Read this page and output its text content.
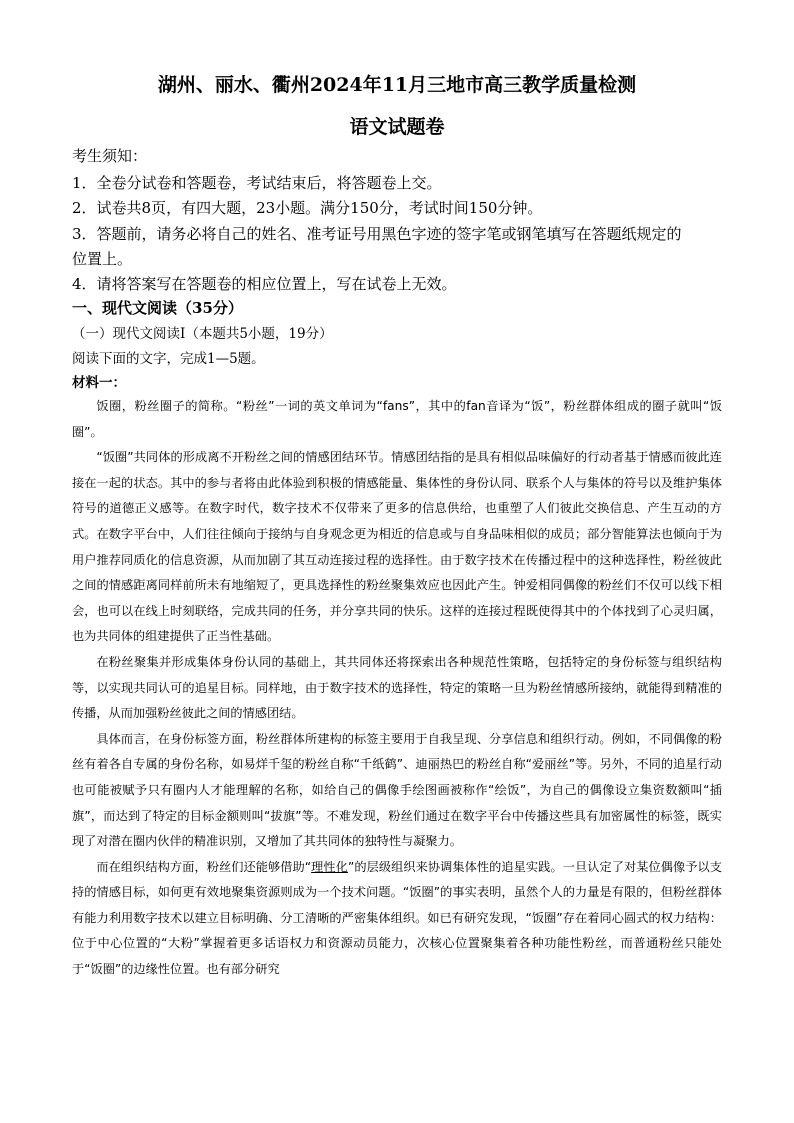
湖州、丽水、衢州2024年11月三地市高三教学质量检测
语文试题卷
考生须知：
1．全卷分试卷和答题卷，考试结束后，将答题卷上交。
2．试卷共8页，有四大题，23小题。满分150分，考试时间150分钟。
3．答题前，请务必将自己的姓名、准考证号用黑色字迹的签字笔或钢笔填写在答题纸规定的
位置上。
4．请将答案写在答题卷的相应位置上，写在试卷上无效。
一、现代文阅读（35分）
（一）现代文阅读Ⅰ（本题共5小题，19分）
阅读下面的文字，完成1—5题。
材料一：

饭圈，粉丝圈子的简称。“粉丝”一词的英文单词为“fans”，其中的fan音译为“饭”，粉丝群体组成的圈子就叫“饭圈”。

“饭圈”共同体的形成离不开粉丝之间的情感团结环节。情感团结指的是具有相似品味偏好的行动者基于情感而彼此连接在一起的状态。其中的参与者将由此体验到积极的情感能量、集体性的身份认同、联系个人与集体的符号以及维护集体符号的道德正义感等。在数字时代，数字技术不仅带来了更多的信息供给，也重塑了人们彼此交换信息、产生互动的方式。在数字平台中，人们往往倾向于接纳与自身观念更为相近的信息或与自身品味相似的成员；部分智能算法也倾向于为用户推荐同质化的信息资源，从而加剧了其互动连接过程的选择性。由于数字技术在传播过程中的这种选择性，粉丝彼此之间的情感距离同样前所未有地缩短了，更具选择性的粉丝聚集效应也因此产生。钟爱相同偶像的粉丝们不仅可以线下相会，也可以在线上时刻联络，完成共同的任务，并分享共同的快乐。这样的连接过程既使得其中的个体找到了心灵归属，也为共同体的组建提供了正当性基础。

在粉丝聚集并形成集体身份认同的基础上，其共同体还将探索出各种规范性策略，包括特定的身份标签与组织结构等，以实现共同认可的追星目标。同样地，由于数字技术的选择性，特定的策略一旦为粉丝情感所接纳，就能得到精准的传播，从而加强粉丝彼此之间的情感团结。

具体而言，在身份标签方面，粉丝群体所建构的标签主要用于自我呈现、分享信息和组织行动。例如，不同偶像的粉丝有着各自专属的身份名称，如易烊千玺的粉丝自称“千纸鹤”、迪丽热巴的粉丝自称“爱丽丝”等。另外，不同的追星行动也可能被赋予只有圈内人才能理解的名称，如给自己的偶像手绘图画被称作“绘饭”，为自己的偶像设立集资数额叫“插旗”，而达到了特定的目标金额则叫“拔旗”等。不难发现，粉丝们通过在数字平台中传播这些具有加密属性的标签，既实现了对潜在圈内伙伴的精准识别，又增加了其共同体的独特性与凝聚力。

而在组织结构方面，粉丝们还能够借助“理性化”的层级组织来协调集体性的追星实践。一旦认定了对某位偶像予以支持的情感目标，如何更有效地聚集资源则成为一个技术问题。“饭圈”的事实表明，虽然个人的力量是有限的，但粉丝群体有能力利用数字技术以建立目标明确、分工清晰的严密集体组织。如已有研究发现，“饭圈”存在着同心圆式的权力结构：位于中心位置的“大粉”掌握着更多话语权力和资源动员能力，次核心位置聚集着各种功能性粉丝，而普通粉丝只能处于“饭圈”的边缘性位置。也有部分研究
